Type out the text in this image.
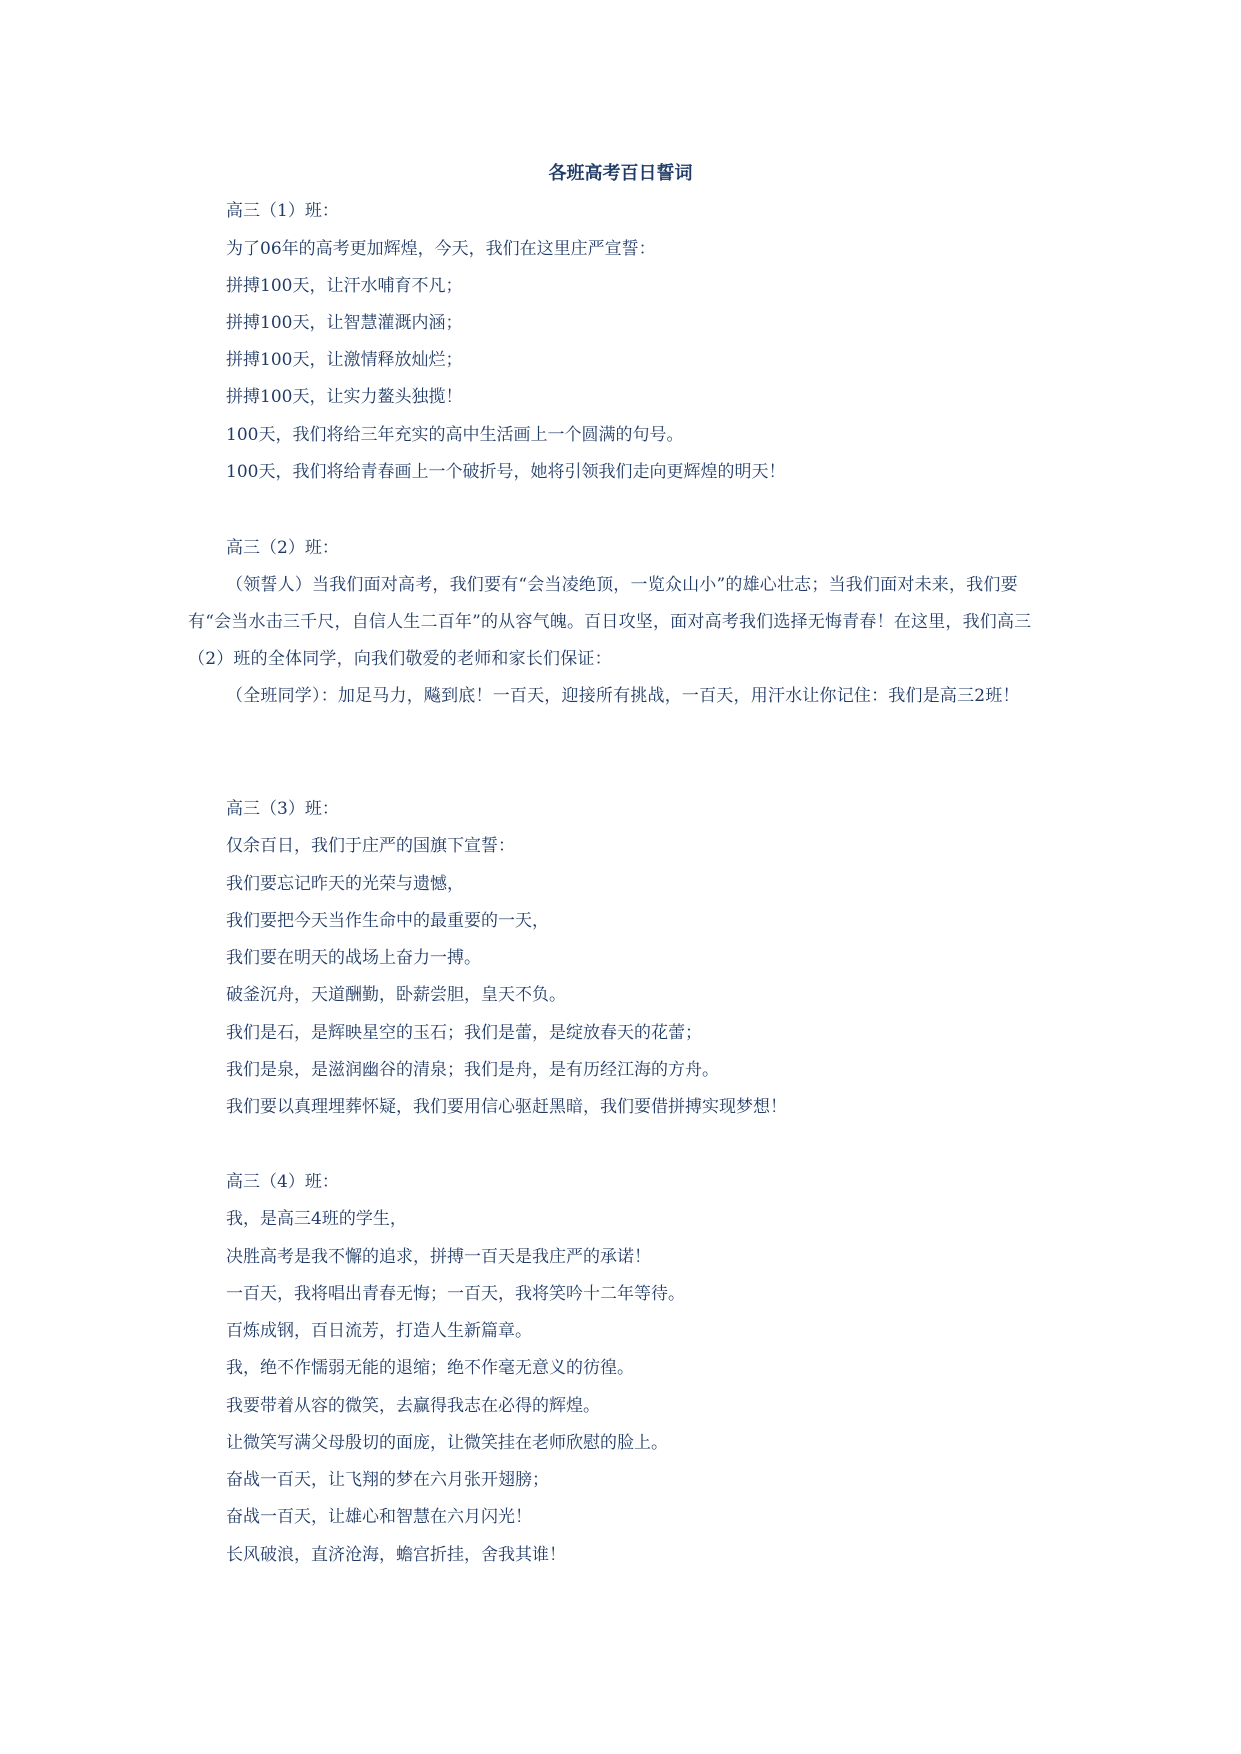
各班高考百日誓词
高三（1）班：
为了06年的高考更加辉煌，今天，我们在这里庄严宣誓：
拼搏100天，让汗水哺育不凡；
拼搏100天，让智慧灌溉内涵；
拼搏100天，让激情释放灿烂；
拼搏100天，让实力鳌头独揽！
100天，我们将给三年充实的高中生活画上一个圆满的句号。
100天，我们将给青春画上一个破折号，她将引领我们走向更辉煌的明天！
高三（2）班：

（领誓人）当我们面对高考，我们要有“会当凌绝顶，一览众山小”的雄心壮志；当我们面对未来，我们要有“会当水击三千尺，自信人生二百年”的从容气魄。百日攻坚，面对高考我们选择无悔青春！在这里，我们高三（2）班的全体同学，向我们敬爱的老师和家长们保证：

（全班同学）：加足马力，飚到底！一百天，迎接所有挑战，一百天，用汗水让你记住：我们是高三2班！

高三（3）班：
仅余百日，我们于庄严的国旗下宣誓：
我们要忘记昨天的光荣与遗憾，
我们要把今天当作生命中的最重要的一天，
我们要在明天的战场上奋力一搏。
破釜沉舟，天道酬勤，卧薪尝胆，皇天不负。
我们是石，是辉映星空的玉石；我们是蕾，是绽放春天的花蕾；
我们是泉，是滋润幽谷的清泉；我们是舟，是有历经江海的方舟。
我们要以真理埋葬怀疑，我们要用信心驱赶黑暗，我们要借拼搏实现梦想！
高三（4）班：
我，是高三4班的学生，
决胜高考是我不懈的追求，拼搏一百天是我庄严的承诺！
一百天，我将唱出青春无悔；一百天，我将笑吟十二年等待。
百炼成钢，百日流芳，打造人生新篇章。
我，绝不作懦弱无能的退缩；绝不作毫无意义的彷徨。
我要带着从容的微笑，去赢得我志在必得的辉煌。
让微笑写满父母殷切的面庞，让微笑挂在老师欣慰的脸上。
奋战一百天，让飞翔的梦在六月张开翅膀；
奋战一百天，让雄心和智慧在六月闪光！
长风破浪，直济沧海，蟾宫折挂，舍我其谁！
